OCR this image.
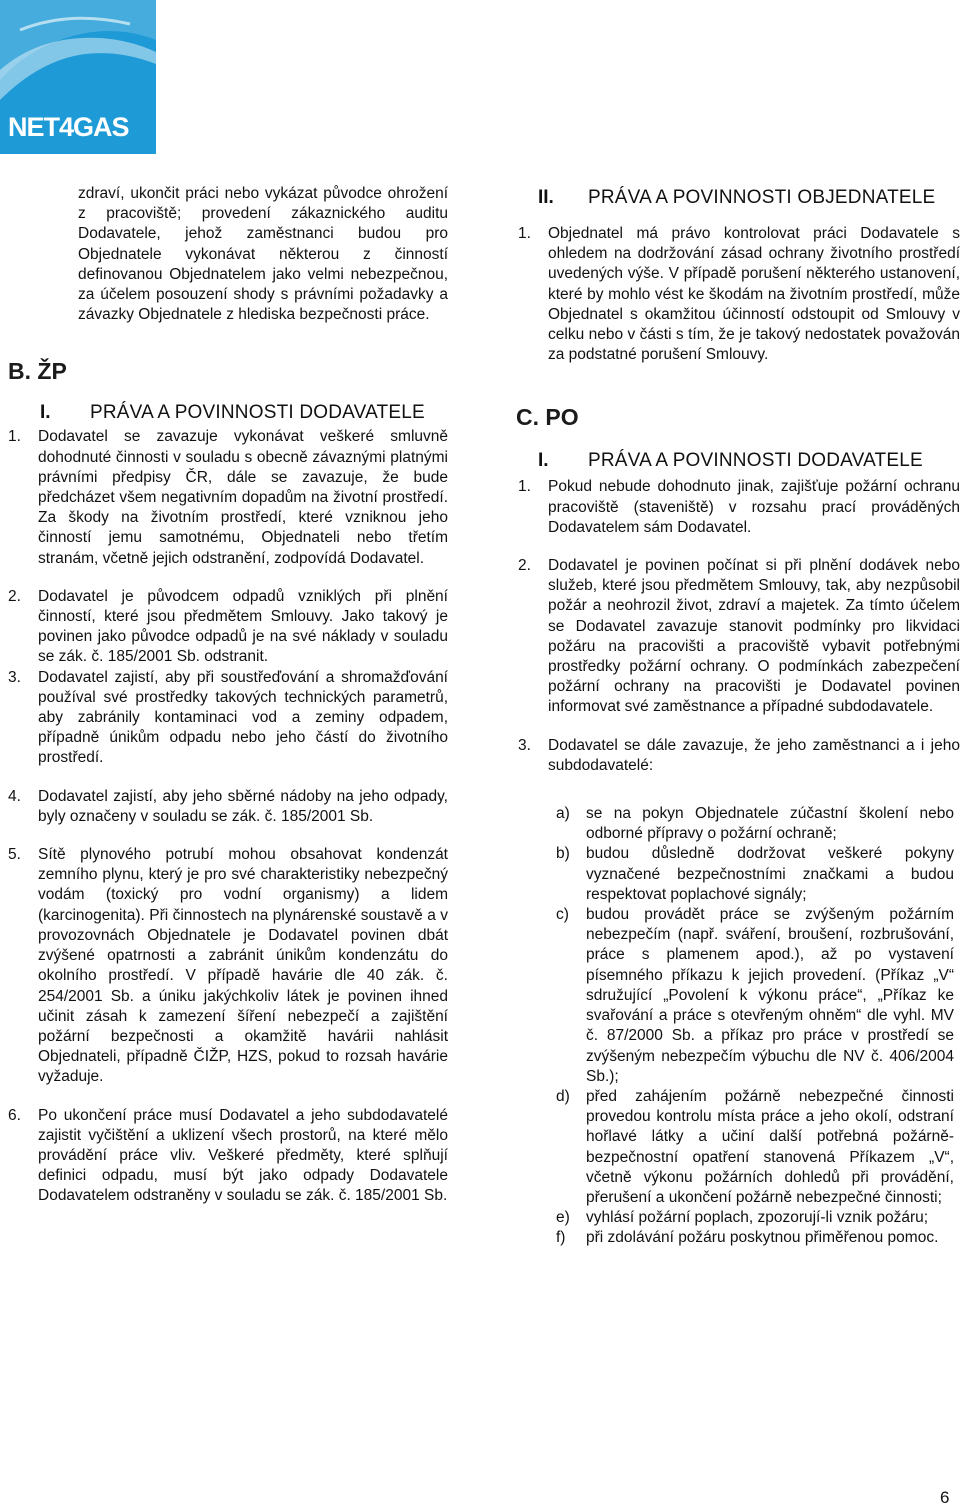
NET4GAS
zdraví, ukončit práci nebo vykázat původce ohrožení z pracoviště; provedení zákaznického auditu Dodavatele, jehož zaměstnanci budou pro Objednatele vykonávat některou z činností definovanou Objednatelem jako velmi nebezpečnou, za účelem posouzení shody s právními požadavky a závazky Objednatele z hlediska bezpečnosti práce.
B. ŽP
I.	PRÁVA A POVINNOSTI DODAVATELE
1.	Dodavatel se zavazuje vykonávat veškeré smluvně dohodnuté činnosti v souladu s obecně závaznými platnými právními předpisy ČR, dále se zavazuje, že bude předcházet všem negativním dopadům na životní prostředí. Za škody na životním prostředí, které vzniknou jeho činností jemu samotnému, Objednateli nebo třetím stranám, včetně jejich odstranění, zodpovídá Dodavatel.
2.	Dodavatel je původcem odpadů vzniklých při plnění činností, které jsou předmětem Smlouvy. Jako takový je povinen jako původce odpadů je na své náklady v souladu se zák. č. 185/2001 Sb. odstranit.
3.	Dodavatel zajistí, aby při soustřeďování a shromažďování používal své prostředky takových technických parametrů, aby zabránily kontaminaci vod a zeminy odpadem, případně únikům odpadu nebo jeho částí do životního prostředí.
4.	Dodavatel zajistí, aby jeho sběrné nádoby na jeho odpady, byly označeny v souladu se zák. č. 185/2001 Sb.
5.	Sítě plynového potrubí mohou obsahovat kondenzát zemního plynu, který je pro své charakteristiky nebezpečný vodám (toxický pro vodní organismy) a lidem (karcinogenita). Při činnostech na plynárenské soustavě a v provozovnách Objednatele je Dodavatel povinen dbát zvýšené opatrnosti a zabránit únikům kondenzátu do okolního prostředí. V případě havárie dle 40 zák. č. 254/2001 Sb. a úniku jakýchkoliv látek je povinen ihned učinit zásah k zamezení šíření nebezpečí a zajištění požární bezpečnosti a okamžitě havárii nahlásit Objednateli, případně ČIŽP, HZS, pokud to rozsah havárie vyžaduje.
6.	Po ukončení práce musí Dodavatel a jeho subdodavatelé zajistit vyčištění a uklizení všech prostorů, na které mělo provádění práce vliv. Veškeré předměty, které splňují definici odpadu, musí být jako odpady Dodavatele Dodavatelem odstraněny v souladu se zák. č. 185/2001 Sb.
II.	PRÁVA A POVINNOSTI OBJEDNATELE
1.	Objednatel má právo kontrolovat práci Dodavatele s ohledem na dodržování zásad ochrany životního prostředí uvedených výše. V případě porušení některého ustanovení, které by mohlo vést ke škodám na životním prostředí, může Objednatel s okamžitou účinností odstoupit od Smlouvy v celku nebo v části s tím, že je takový nedostatek považován za podstatné porušení Smlouvy.
C. PO
I.	PRÁVA A POVINNOSTI DODAVATELE
1.	Pokud nebude dohodnuto jinak, zajišťuje požární ochranu pracoviště (staveniště) v rozsahu prací prováděných Dodavatelem sám Dodavatel.
2.	Dodavatel je povinen počínat si při plnění dodávek nebo služeb, které jsou předmětem Smlouvy, tak, aby nezpůsobil požár a neohrozil život, zdraví a majetek. Za tímto účelem se Dodavatel zavazuje stanovit podmínky pro likvidaci požáru na pracovišti a pracoviště vybavit potřebnými prostředky požární ochrany. O podmínkách zabezpečení požární ochrany na pracovišti je Dodavatel povinen informovat své zaměstnance a případné subdodavatele.
3.	Dodavatel se dále zavazuje, že jeho zaměstnanci a i jeho subdodavatelé:
a)	se na pokyn Objednatele zúčastní školení nebo odborné přípravy o požární ochraně;
b)	budou důsledně dodržovat veškeré pokyny vyznačené bezpečnostními značkami a budou respektovat poplachové signály;
c)	budou provádět práce se zvýšeným požárním nebezpečím (např. sváření, broušení, rozbrušování, práce s plamenem apod.), až po vystavení písemného příkazu k jejich provedení. (Příkaz „V“ sdružující „Povolení k výkonu práce“, „Příkaz ke svařování a práce s otevřeným ohněm“ dle vyhl. MV č. 87/2000 Sb. a příkaz pro práce v prostředí se zvýšeným nebezpečím výbuchu dle NV č. 406/2004 Sb.);
d)	před zahájením požárně nebezpečné činnosti provedou kontrolu místa práce a jeho okolí, odstraní hořlavé látky a učiní další potřebná požárně-bezpečnostní opatření stanovená Příkazem „V“, včetně výkonu požárních dohledů při provádění, přerušení a ukončení požárně nebezpečné činnosti;
e)	vyhlásí požární poplach, zpozorují-li vznik požáru;
f)	při zdolávání požáru poskytnou přiměřenou pomoc.
6
